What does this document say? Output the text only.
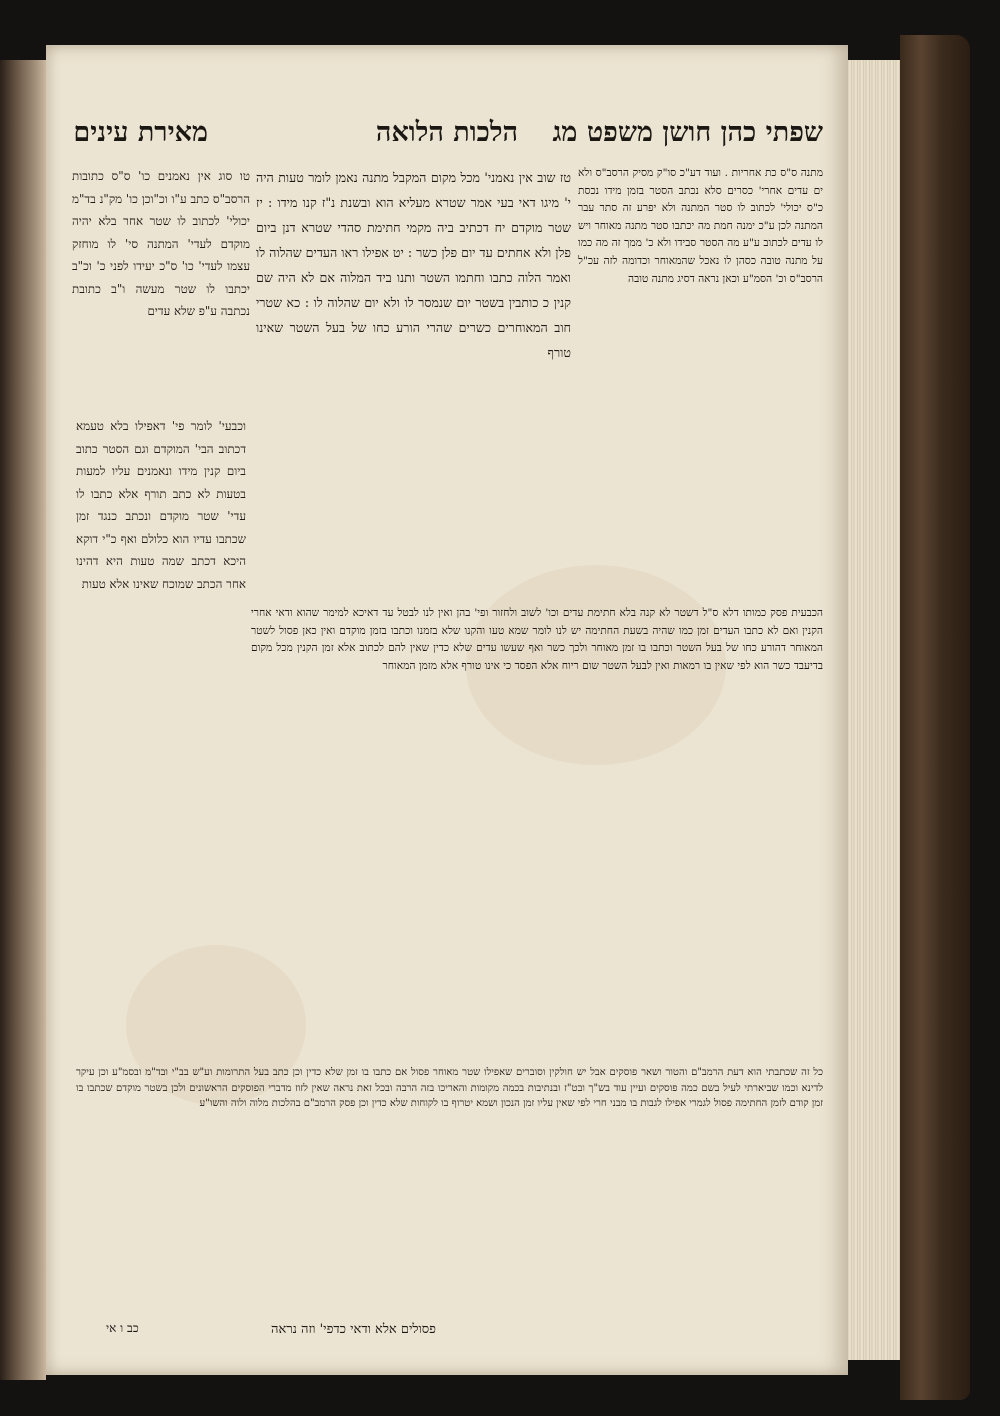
הלכות הלואה
מאירת עינים	שפתי כהן חושן משפט מג

טו סוג אין נאמנים כו' ס"ס כתובות הרסב"ס כתב ע"ו וכ"וכן כו' מק"נ בד"מ יכולי' לכתוב לו שטר אחר בלא יהיה מוקדם לעדי' המתנה סי' לו מוחזק עצמו לעדי' כו' ס"כ יעידו לפני כ' וכ"ב יכתבו לו שטר מעשה ו"ב כתובת נכתבה ע"פ שלא עדים

טז שוב אין נאמני' מכל מקום המקבל מתנה נאמן לומר טעות היה י' מיגו דאי בעי אמר שטרא מעליא הוא ובשנת נ"ז קנו מידו : יז שטר מוקדם יח דכתיב ביה מקמי חתימת סהדי שטרא דנן ביום פלן ולא אחתים עד יום פלן כשר : יט אפילו ראו העדים שהלוה לו ואמר הלוה כתבו וחתמו השטר ותנו ביד המלוה אם לא היה שם קנין כ כותבין בשטר יום שנמסר לו ולא יום שהלוה לו : כא שטרי חוב המאוחרים כשרים שהרי הורע כחו של בעל השטר שאינו טורף

מתנה ס"ס כת אחריות . ועוד דע"כ סו"ק מסיק הרסב"ס ולא ים עדים אחרי' כסרים סלא נכתב הסטר בזמן מידו נכסת כ"ס יכולי' לכתוב לו סטר המתנה ולא יפרע זה סתר עבר המתנה לכן ע"כ ימנה חמת מה יכתבו סטר מתנה מאוחר ויש לו עדים לכתוב ע"ע מה הסטר סבידו ולא כ' ממך זה מה כמו על מתנה טובה כסהן לו נאכל שהמאוחר וכדומה לזה עכ"ל הרסב"ס וכ' הסמ"ע וכאן נראה דסיג מתנה טובה

וכבעי' לומר פי' דאפילו בלא טעמא דכתוב הבי' המוקדם וגם הסטר כתוב ביום קנין מידו ונאמנים עליו למעות בטעות לא כתב תורף אלא כתבו לו עדי' שטר מוקדם ונכתב כנגד זמן שכתבו עדיו הוא כלולם ואף כ"י דוקא היכא דכתב שמה טעות היא דהינו אחר הכתב שמוכח שאינו אלא טעות

הכבעית פסק כמותו דלא ס"ל דשטר לא קנה בלא חתימת עדים וכו' לשוב ולחזור ופי' בהן ואין לנו לבטל עד דאיכא למימר שהוא ודאי אחרי הקנין ואם לא כתבו העדים זמן כמו שהיה בשעת החתימה יש לנו לומר שמא טעו והקנו שלא בזמנו וכתבו בזמן מוקדם ואין כאן פסול לשטר המאוחר דהורע כחו של בעל השטר וכתבו בו זמן מאוחר ולכך כשר ואף שעשו עדים שלא כדין שאין להם לכתוב אלא זמן הקנין מכל מקום בדיעבד כשר הוא לפי שאין בו רמאות ואין לבעל השטר שום ריוח אלא הפסד כי אינו טורף אלא מזמן המאוחר

כל זה שכתבתי הוא דעת הרמב"ם והטור ושאר פוסקים אבל יש חולקין וסוברים שאפילו שטר מאוחר פסול אם כתבו בו זמן שלא כדין וכן כתב בעל התרומות וע"ש בב"י ובד"מ ובסמ"ע וכן עיקר לדינא וכמו שביארתי לעיל בשם כמה פוסקים ועיין עוד בש"ך ובט"ז ובנתיבות בכמה מקומות והאריכו בזה הרבה ובכל זאת נראה שאין לזוז מדברי הפוסקים הראשונים ולכן בשטר מוקדם שכתבו בו זמן קודם לזמן החתימה פסול לגמרי אפילו לגבות בו מבני חרי לפי שאין עליו זמן הנכון ושמא יטרוף בו לקוחות שלא כדין וכן פסק הרמב"ם בהלכות מלוה ולוה והשו"ע

פסולים אלא ודאי כדפי' וזה נראה
כב ו אי
